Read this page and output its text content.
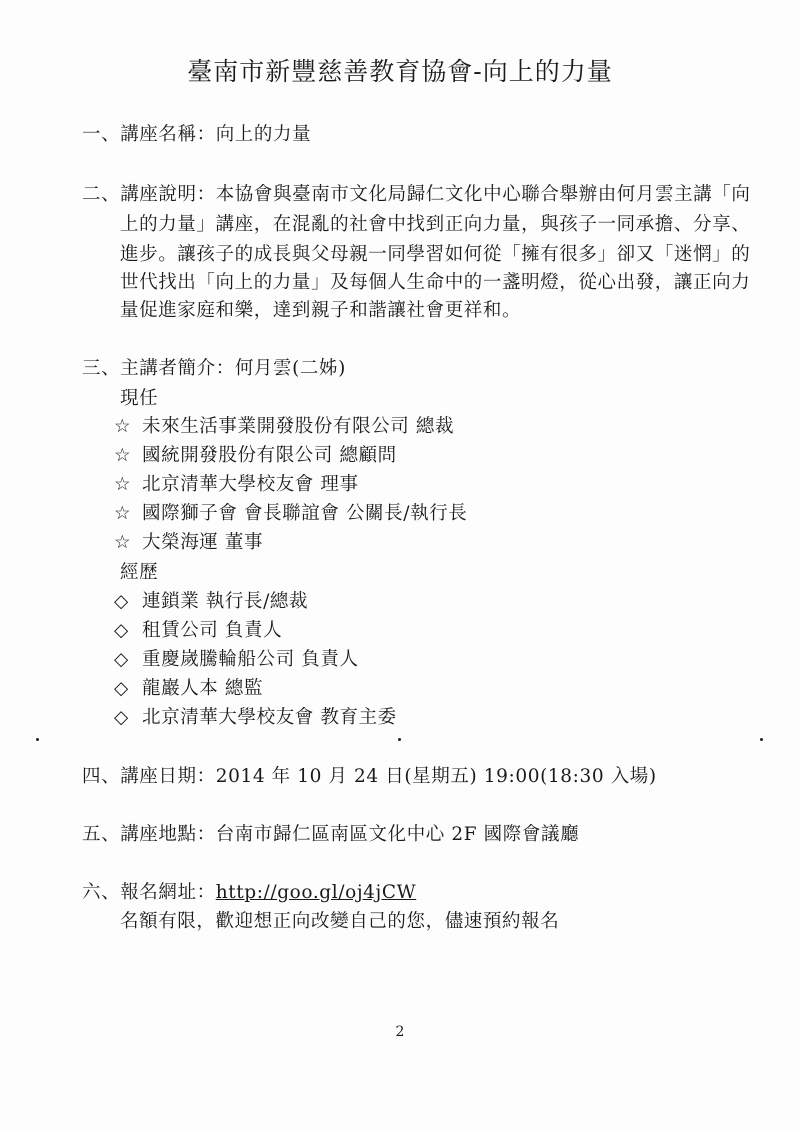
臺南市新豐慈善教育協會-向上的力量
一、講座名稱：向上的力量
二、講座說明：本協會與臺南市文化局歸仁文化中心聯合舉辦由何月雲主講「向
上的力量」講座，在混亂的社會中找到正向力量，與孩子一同承擔、分享、
進步。讓孩子的成長與父母親一同學習如何從「擁有很多」卻又「迷惘」的
世代找出「向上的力量」及每個人生命中的一盞明燈，從心出發，讓正向力
量促進家庭和樂，達到親子和諧讓社會更祥和。
三、主講者簡介：何月雲(二姊)
現任
☆ 未來生活事業開發股份有限公司 總裁
☆ 國統開發股份有限公司 總顧問
☆ 北京清華大學校友會 理事
☆ 國際獅子會 會長聯誼會 公關長/執行長
☆ 大榮海運 董事
經歷
◇ 連鎖業 執行長/總裁
◇ 租賃公司 負責人
◇ 重慶嵗騰輪船公司 負責人
◇ 龍巖人本 總監
◇ 北京清華大學校友會 教育主委
四、講座日期：2014 年 10 月 24 日(星期五) 19:00(18:30 入場)
五、講座地點：台南市歸仁區南區文化中心 2F 國際會議廳
六、報名網址：http://goo.gl/oj4jCW
名額有限，歡迎想正向改變自己的您，儘速預約報名
2
